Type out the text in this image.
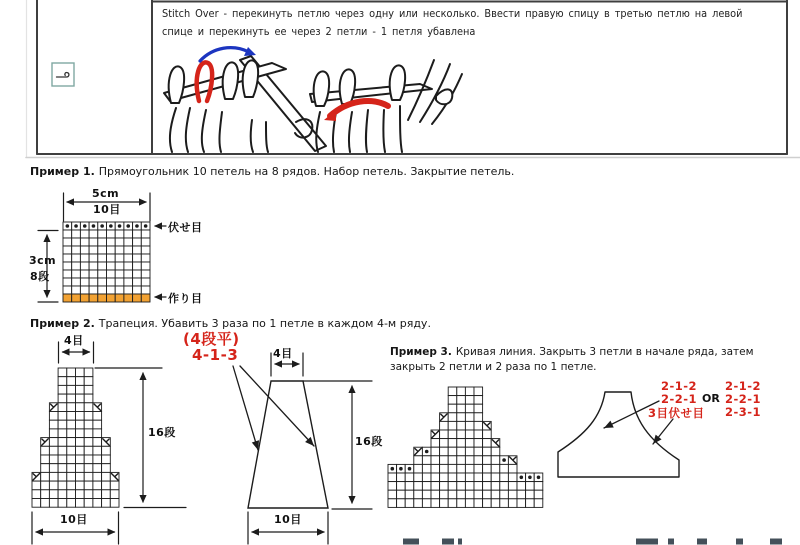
Stitch Over - перекинуть петлю через одну или несколько. Ввести правую спицу в третью петлю на левой
спице и перекинуть ее через 2 петли - 1 петля убавлена
Пример 1. Прямоугольник 10 петель на 8 рядов. Набор петель. Закрытие петель.
Пример 2. Трапеция. Убавить 3 раза по 1 петле в каждом 4-м ряду.
Пример 3. Кривая линия. Закрыть 3 петли в начале ряда, затем
закрыть 2 петли и 2 раза по 1 петле.
5cm
10目
3cm
8段
伏せ目
作り目
4目
16段
10目
(4段平)
4-1-3	4目
16段
10目
2-1-2
2-2-1
3目伏せ目
OR
2-1-2
2-2-1
2-3-1
